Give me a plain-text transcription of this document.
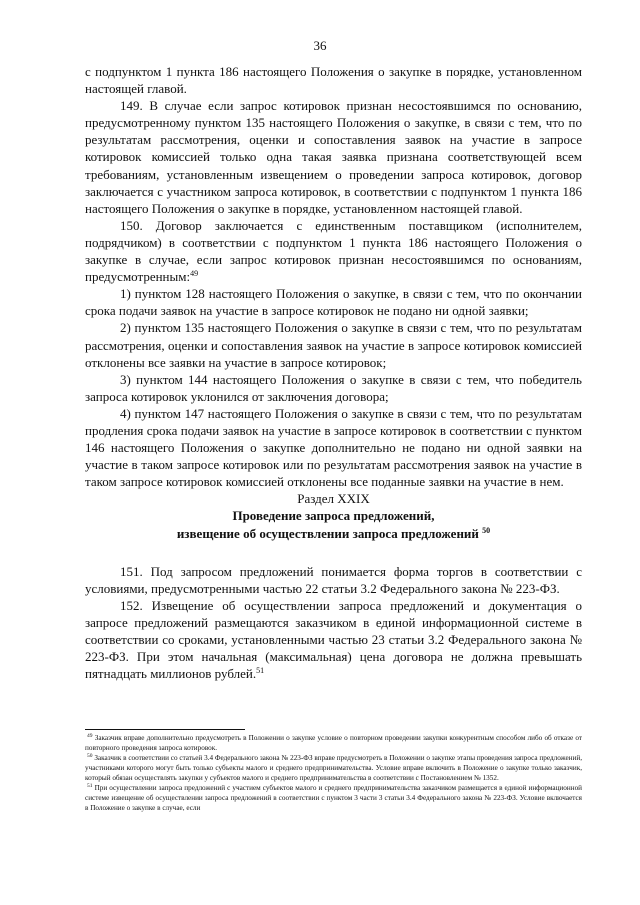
36

с подпунктом 1 пункта 186 настоящего Положения о закупке в порядке, установленном настоящей главой.

149. В случае если запрос котировок признан несостоявшимся по основанию, предусмотренному пунктом 135 настоящего Положения о закупке, в связи с тем, что по результатам рассмотрения, оценки и сопоставления заявок на участие в запросе котировок комиссией только одна такая заявка признана соответствующей всем требованиям, установленным извещением о проведении запроса котировок, договор заключается с участником запроса котировок, в соответствии с подпунктом 1 пункта 186 настоящего Положения о закупке в порядке, установленном настоящей главой.

150. Договор заключается с единственным поставщиком (исполнителем, подрядчиком) в соответствии с подпунктом 1 пункта 186 настоящего Положения о закупке в случае, если запрос котировок признан несостоявшимся по основаниям, предусмотренным:$^{49}$

1) пунктом 128 настоящего Положения о закупке, в связи с тем, что по окончании срока подачи заявок на участие в запросе котировок не подано ни одной заявки;

2) пунктом 135 настоящего Положения о закупке в связи с тем, что по результатам рассмотрения, оценки и сопоставления заявок на участие в запросе котировок комиссией отклонены все заявки на участие в запросе котировок;

3) пунктом 144 настоящего Положения о закупке в связи с тем, что победитель запроса котировок уклонился от заключения договора;

4) пунктом 147 настоящего Положения о закупке в связи с тем, что по результатам продления срока подачи заявок на участие в запросе котировок в соответствии с пунктом 146 настоящего Положения о закупке дополнительно не подано ни одной заявки на участие в таком запросе котировок или по результатам рассмотрения заявок на участие в таком запросе котировок комиссией отклонены все поданные заявки на участие в нем.

Раздел XXIX

Проведение запроса предложений,

извещение об осуществлении запроса предложений $^{50}$

151. Под запросом предложений понимается форма торгов в соответствии с условиями, предусмотренными частью 22 статьи 3.2 Федерального закона № 223-ФЗ.

152. Извещение об осуществлении запроса предложений и документация о запросе предложений размещаются заказчиком в единой информационной системе в соответствии со сроками, установленными частью 23 статьи 3.2 Федерального закона № 223-ФЗ. При этом начальная (максимальная) цена договора не должна превышать пятнадцать миллионов рублей.$^{51}$

$^{49}$ Заказчик вправе дополнительно предусмотреть в Положении о закупке условие о повторном проведении закупки конкурентным способом либо об отказе от повторного проведения запроса котировок.

$^{50}$ Заказчик в соответствии со статьей 3.4 Федерального закона № 223-ФЗ вправе предусмотреть в Положении о закупке этапы проведения запроса предложений, участниками которого могут быть только субъекты малого и среднего предпринимательства. Условие вправе включить в Положение о закупке только заказчик, который обязан осуществлять закупки у субъектов малого и среднего предпринимательства в соответствии с Постановлением № 1352.

$^{51}$ При осуществлении запроса предложений с участием субъектов малого и среднего предпринимательства заказчиком размещается в единой информационной системе извещение об осуществлении запроса предложений в соответствии с пунктом 3 части 3 статьи 3.4 Федерального закона № 223-ФЗ. Условие включается в Положение о закупке в случае, если
